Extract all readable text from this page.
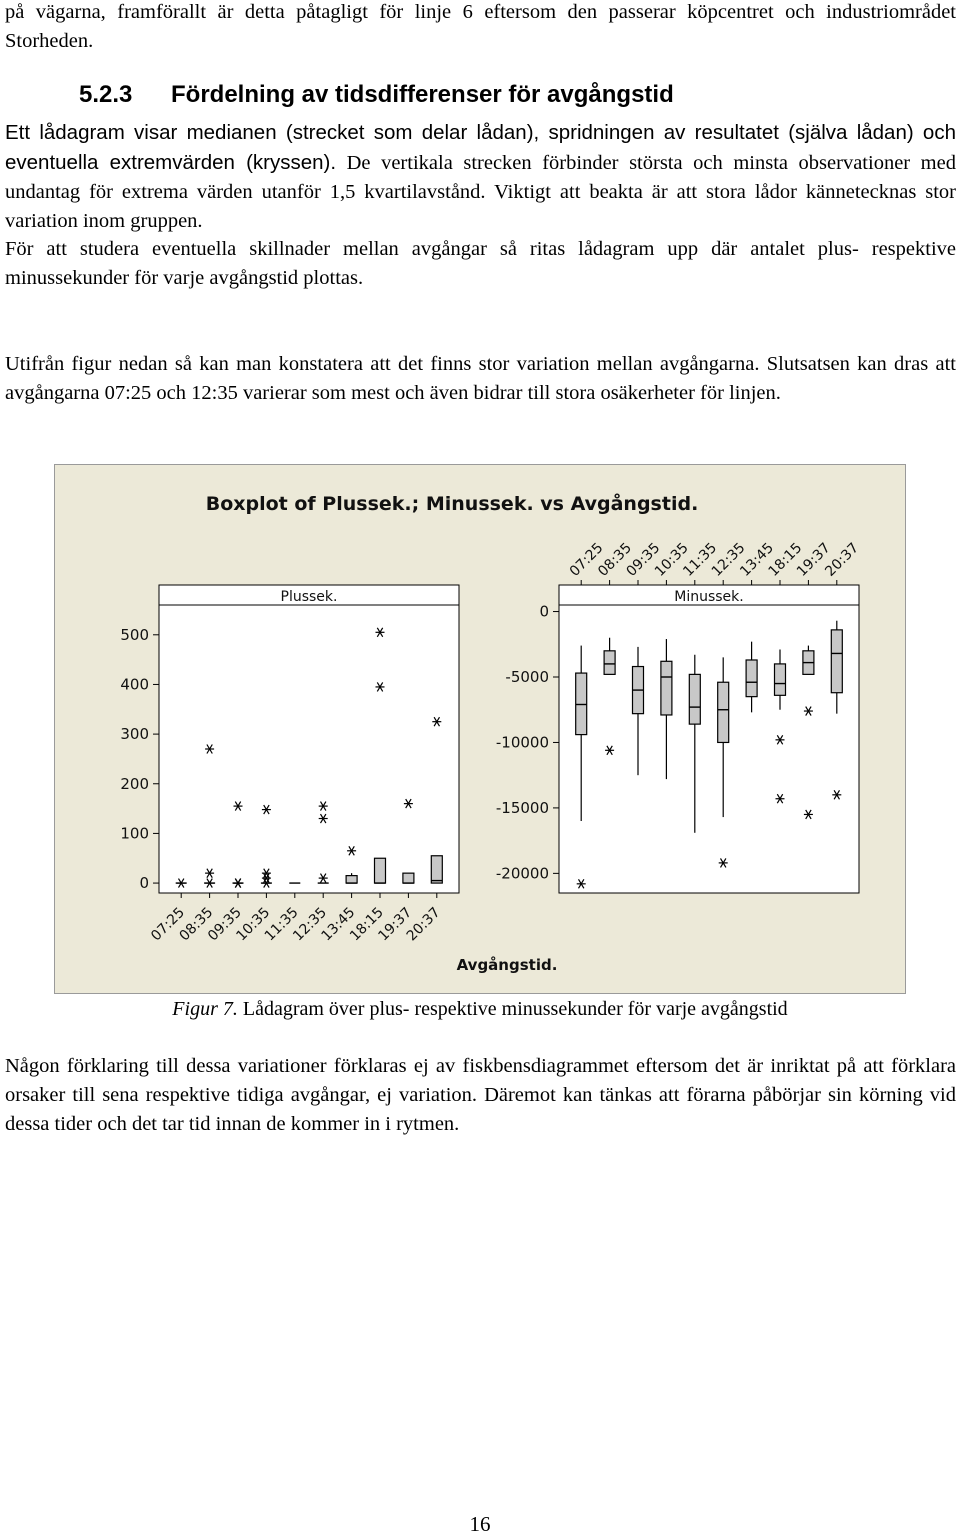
på vägarna, framförallt är detta påtagligt för linje 6 eftersom den passerar köpcentret och industriområdet Storheden.

5.2.3 Fördelning av tidsdifferenser för avgångstid

Ett lådagram visar medianen (strecket som delar lådan), spridningen av resultatet (själva lådan) och eventuella extremvärden (kryssen). De vertikala strecken förbinder största och minsta observationer med undantag för extrema värden utanför 1,5 kvartilavstånd. Viktigt att beakta är att stora lådor kännetecknas stor variation inom gruppen.

För att studera eventuella skillnader mellan avgångar så ritas lådagram upp där antalet plus- respektive minussekunder för varje avgångstid plottas.

Utifrån figur nedan så kan man konstatera att det finns stor variation mellan avgångarna. Slutsatsen kan dras att avgångarna 07:25 och 12:35 varierar som mest och även bidrar till stora osäkerheter för linjen.

Boxplot of Plussek.; Minussek. vs Avgångstid.
Avgångstid.
Plussek.
0
100
200
300
400
500
07:25
08:35
09:35
10:35
11:35
12:35
13:45
18:15
19:37
20:37
Minussek.
0
-5000
-10000
-15000
-20000
07:25
08:35
09:35
10:35
11:35
12:35
13:45
18:15
19:37
20:37
Figur 7. Lådagram över plus- respektive minussekunder för varje avgångstid

Någon förklaring till dessa variationer förklaras ej av fiskbensdiagrammet eftersom det är inriktat på att förklara orsaker till sena respektive tidiga avgångar, ej variation. Däremot kan tänkas att förarna påbörjar sin körning vid dessa tider och det tar tid innan de kommer in i rytmen.

16
